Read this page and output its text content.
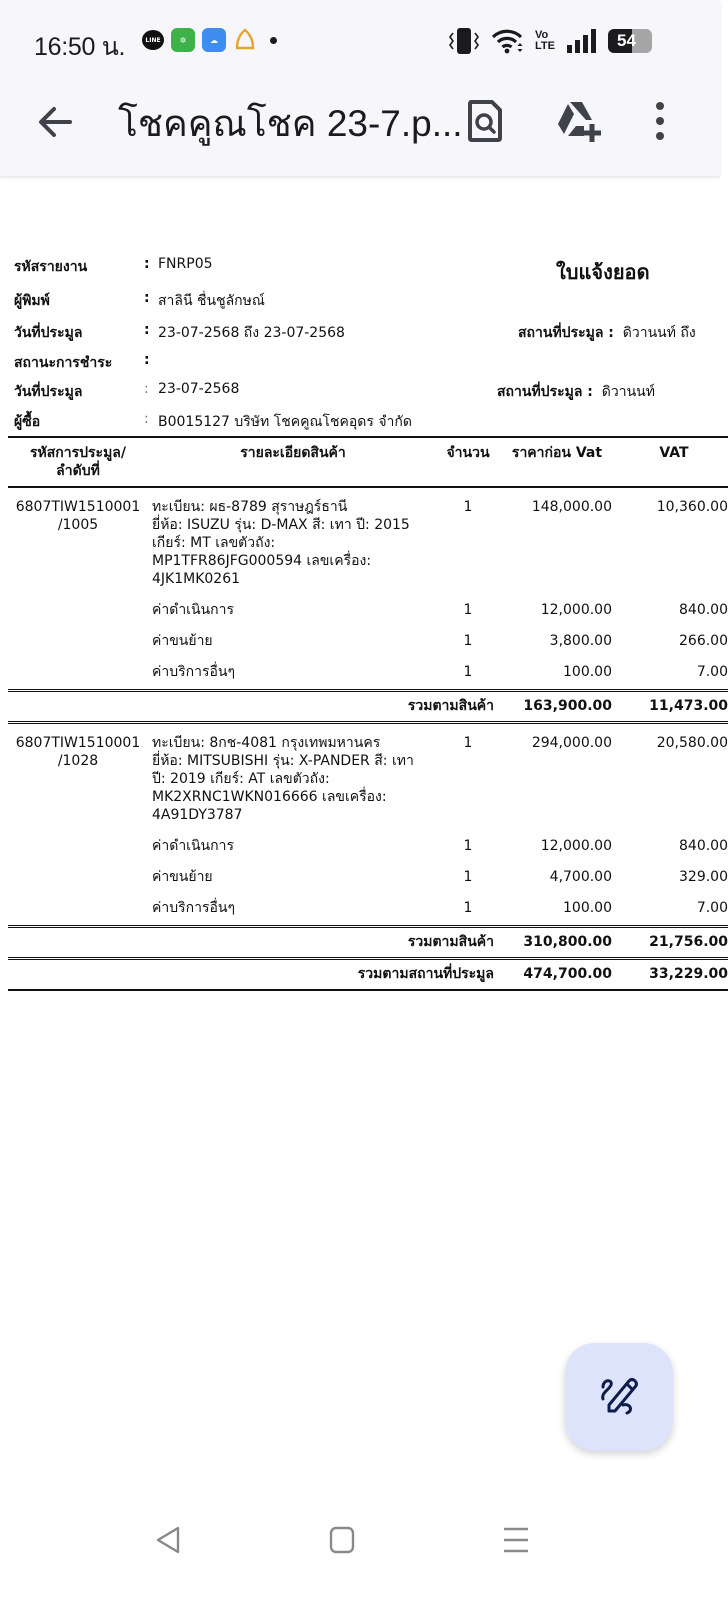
16:50 น.	LINE	✲	☁	Vo
LTE	54
โชคคูณโชค 23-7.p...
ใบแจ้งยอด
รหัสรายงาน	: FNRP05
ผู้พิมพ์	: สาลินี ชื่นชูลักษณ์
วันที่ประมูล	: 23-07-2568 ถึง 23-07-2568	สถานที่ประมูล : ดิวานนท์ ถึง
สถานะการชำระ :
วันที่ประมูล	: 23-07-2568	สถานที่ประมูล : ดิวานนท์
ผู้ซื้อ	: B0015127 บริษัท โชคคูณโชคอุดร จำกัด
รหัสการประมูล/
ลำดับที่	รายละเอียดสินค้า	จำนวน	ราคาก่อน Vat	VAT

6807TIW1510001
/1005	ทะเบียน: ผธ-8789 สุราษฎร์ธานี
ยี่ห้อ: ISUZU รุ่น: D-MAX สี: เทา ปี: 2015
เกียร์: MT เลขตัวถัง:
MP1TFR86JFG000594 เลขเครื่อง:
4JK1MK0261	1	148,000.00	10,360.00
	ค่าดำเนินการ	1	12,000.00	840.00
	ค่าขนย้าย	1	3,800.00	266.00
	ค่าบริการอื่นๆ	1	100.00	7.00
รวมตามสินค้า			163,900.00	11,473.00

6807TIW1510001
/1028	ทะเบียน: 8กช-4081 กรุงเทพมหานคร
ยี่ห้อ: MITSUBISHI รุ่น: X-PANDER สี: เทา
ปี: 2019 เกียร์: AT เลขตัวถัง:
MK2XRNC1WKN016666 เลขเครื่อง:
4A91DY3787	1	294,000.00	20,580.00
	ค่าดำเนินการ	1	12,000.00	840.00
	ค่าขนย้าย	1	4,700.00	329.00
	ค่าบริการอื่นๆ	1	100.00	7.00
รวมตามสินค้า			310,800.00	21,756.00
รวมตามสถานที่ประมูล			474,700.00	33,229.00
